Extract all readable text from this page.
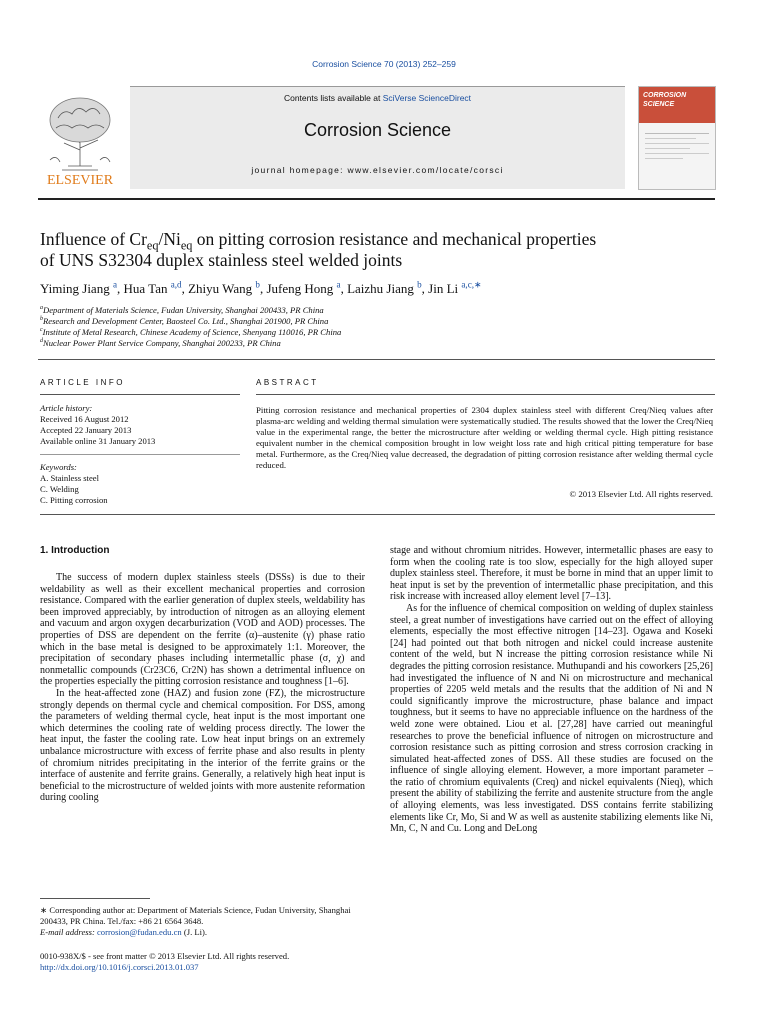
Corrosion Science 70 (2013) 252–259
ELSEVIER
Contents lists available at SciVerse ScienceDirect
Corrosion Science
journal homepage: www.elsevier.com/locate/corsci
CORROSION SCIENCE
Influence of $Cr_{eq}/Ni_{eq}$ on pitting corrosion resistance and mechanical properties
of UNS S32304 duplex stainless steel welded joints
Yiming Jiang $^a$, Hua Tan $^{a,d}$, Zhiyu Wang $^b$, Jufeng Hong $^a$, Laizhu Jiang $^b$, Jin Li $^{a,c,∗}$
$^a$Department of Materials Science, Fudan University, Shanghai 200433, PR China
$^b$Research and Development Center, Baosteel Co. Ltd., Shanghai 201900, PR China
$^c$Institute of Metal Research, Chinese Academy of Science, Shenyang 110016, PR China
$^d$Nuclear Power Plant Service Company, Shanghai 200233, PR China
ARTICLE INFO	ABSTRACT
Article history:
Received 16 August 2012
Accepted 22 January 2013
Available online 31 January 2013
Keywords:
A. Stainless steel
C. Welding
C. Pitting corrosion
Pitting corrosion resistance and mechanical properties of 2304 duplex stainless steel with different Creq/Nieq values after plasma-arc welding and welding thermal simulation were systematically studied. The results showed that the lower the Creq/Nieq value in the experimental range, the better the microstructure after welding or welding thermal cycle. High pitting resistance equivalent number in the chemical composition brought in low weight loss rate and high critical pitting temperature for base metal. Furthermore, as the Creq/Nieq value decreased, the degradation of pitting corrosion resistance after welding thermal cycle reduced.
© 2013 Elsevier Ltd. All rights reserved.
1. Introduction

The success of modern duplex stainless steels (DSSs) is due to their weldability as well as their excellent mechanical properties and corrosion resistance. Compared with the earlier generation of duplex steels, weldability has been improved appreciably, by introduction of nitrogen as an alloying element and vacuum and argon oxygen decarburization (VOD and AOD) processes. The properties of DSS are dependent on the ferrite (α)–austenite (γ) phase ratio which in the base metal is designed to be approximately 1:1. Moreover, the precipitation of secondary phases including intermetallic phase (σ, χ) and nonmetallic compounds (Cr23C6, Cr2N) has shown a detrimental influence on the properties especially the pitting corrosion resistance and toughness [1–6].

In the heat-affected zone (HAZ) and fusion zone (FZ), the microstructure strongly depends on thermal cycle and chemical composition. For DSS, among the parameters of welding thermal cycle, heat input is the most important one which determines the cooling rate of welding process directly. The lower the heat input, the faster the cooling rate. Low heat input brings on an extremely unbalance microstructure with excess of ferrite phase and also results in plenty of chromium nitrides precipitating in the interior of the ferrite grains or the interface of austenite and ferrite grains. Generally, a relatively high heat input is beneficial to the microstructure of welded joints with more austenite reformation during cooling

stage and without chromium nitrides. However, intermetallic phases are easy to form when the cooling rate is too slow, especially for the high alloyed super duplex stainless steel. Therefore, it must be borne in mind that an upper limit to heat input is set by the prevention of intermetallic phase precipitation, and this risk increase with increased alloy element level [7–13].

As for the influence of chemical composition on welding of duplex stainless steel, a great number of investigations have carried out on the effect of alloying elements, especially the most effective nitrogen [14–23]. Ogawa and Koseki [24] had pointed out that both nitrogen and nickel could increase austenite content of the weld, but N increase the pitting corrosion resistance while Ni degrades the pitting corrosion resistance. Muthupandi and his coworkers [25,26] had investigated the influence of N and Ni on microstructure and mechanical properties of 2205 weld metals and the results that the addition of Ni and N could significantly improve the microstructure, phase balance and impact toughness, but it seems to have no appreciable influence on the hardness of the weld zone were obtained. Liou et al. [27,28] have carried out meaningful researches to prove the beneficial influence of nitrogen on microstructure and corrosion resistance such as pitting corrosion and stress corrosion cracking in simulated heat-affected zones of DSS. All these studies are focused on the influence of single alloying element. However, a more important parameter – the ratio of chromium equivalents (Creq) and nickel equivalents (Nieq), which present the ability of stabilizing the ferrite and austenite structure from the angle of alloying elements, was less investigated. DSS contains ferrite stabilizing elements like Cr, Mo, Si and W as well as austenite stabilizing elements like Ni, Mn, C, N and Cu. Long and DeLong

∗ Corresponding author at: Department of Materials Science, Fudan University, Shanghai 200433, PR China. Tel./fax: +86 21 6564 3648.
E-mail address: corrosion@fudan.edu.cn (J. Li).
0010-938X/$ - see front matter © 2013 Elsevier Ltd. All rights reserved.
http://dx.doi.org/10.1016/j.corsci.2013.01.037
